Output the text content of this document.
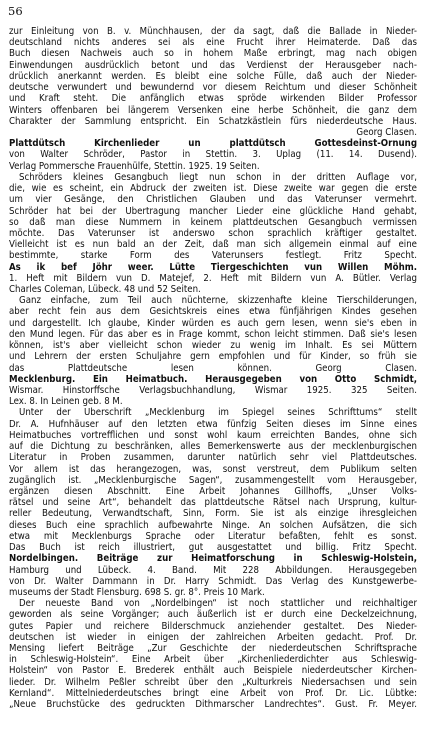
56
zur Einleitung von B. v. Münchhausen, der da sagt, daß die Ballade in Nieder-
deutschland nichts anderes sei als eine Frucht ihrer Heimaterde. Daß das
Buch diesen Nachweis auch so in hohem Maße erbringt, mag nach obigen
Einwendungen ausdrücklich betont und das Verdienst der Herausgeber nach-
drücklich anerkannt werden. Es bleibt eine solche Fülle, daß auch der Nieder-
deutsche verwundert und bewundernd vor diesem Reichtum und dieser Schönheit
und Kraft steht. Die anfänglich etwas spröde wirkenden Bilder Professor
Winters offenbaren bei längerem Versenken eine herbe Schönheit, die ganz dem
Charakter der Sammlung entspricht. Ein Schatzkästlein fürs niederdeutsche Haus.
Georg Clasen.
Plattdütsch Kirchenlieder un plattdütsch Gottesdeinst-Ornung
von Walter Schröder, Pastor in Stettin. 3. Uplag (11. 14. Dusend).
Verlag Pommersche Frauenhülfe, Stettin. 1925. 19 Seiten.
Schröders kleines Gesangbuch liegt nun schon in der dritten Auflage vor,
die, wie es scheint, ein Abdruck der zweiten ist. Diese zweite war gegen die erste
um vier Gesänge, den Christlichen Glauben und das Vaterunser vermehrt.
Schröder hat bei der Übertragung mancher Lieder eine glückliche Hand gehabt,
so daß man diese Nummern in keinem plattdeutschen Gesangbuch vermissen
möchte. Das Vaterunser ist anderswo schon sprachlich kräftiger gestaltet.
Vielleicht ist es nun bald an der Zeit, daß man sich allgemein einmal auf eine
bestimmte, starke Form des Vaterunsers festlegt. Fritz Specht.
As ik bef Jöhr weer. Lütte Tiergeschichten vun Willen Möhm.
1. Heft mit Bildern vun D. Matejef, 2. Heft mit Bildern vun A. Bütler. Verlag
Charles Coleman, Lübeck. 48 und 52 Seiten.
Ganz einfache, zum Teil auch nüchterne, skizzenhafte kleine Tierschilderungen,
aber recht fein aus dem Gesichtskreis eines etwa fünfjährigen Kindes gesehen
und dargestellt. Ich glaube, Kinder würden es auch gern lesen, wenn sie's eben in
den Mund legen. Für das aber es in Frage kommt, schon leicht stimmen. Daß sie's lesen
können, ist's aber vielleicht schon wieder zu wenig im Inhalt. Es sei Müttern
und Lehrern der ersten Schuljahre gern empfohlen und für Kinder, so früh sie
das Plattdeutsche lesen können. Georg Clasen.
Mecklenburg. Ein Heimatbuch. Herausgegeben von Otto Schmidt,
Wismar. Hinstorffsche Verlagsbuchhandlung, Wismar 1925. 325 Seiten.
Lex. 8. In Leinen geb. 8 M.
Unter der Überschrift „Mecklenburg im Spiegel seines Schrifttums“ stellt
Dr. A. Hufnhäuser auf den letzten etwa fünfzig Seiten dieses im Sinne eines
Heimatbuches vortrefflichen und sonst wohl kaum erreichten Bandes, ohne sich
auf die Dichtung zu beschränken, alles Bemerkenswerte aus der mecklenburgischen
Literatur in Proben zusammen, darunter natürlich sehr viel Plattdeutsches.
Vor allem ist das herangezogen, was, sonst verstreut, dem Publikum selten
zugänglich ist. „Mecklenburgische Sagen“, zusammengestellt vom Herausgeber,
ergänzen diesen Abschnitt. Eine Arbeit Johannes Gillhoffs, „Unser Volks-
rätsel und seine Art“, behandelt das plattdeutsche Rätsel nach Ursprung, kultur-
reller Bedeutung, Verwandtschaft, Sinn, Form. Sie ist als einzige ihresgleichen
dieses Buch eine sprachlich aufbewahrte Ninge. An solchen Aufsätzen, die sich
etwa mit Mecklenburgs Sprache oder Literatur befaßten, fehlt es sonst.
Das Buch ist reich illustriert, gut ausgestattet und billig. Fritz Specht.
Nordelbingen. Beiträge zur Heimatforschung in Schleswig-Holstein,
Hamburg und Lübeck. 4. Band. Mit 228 Abbildungen. Herausgegeben
von Dr. Walter Dammann in Dr. Harry Schmidt. Das Verlag des Kunstgewerbe-
museums der Stadt Flensburg. 698 S. gr. 8°. Preis 10 Mark.
Der neueste Band von „Nordelbingen“ ist noch stattlicher und reichhaltiger
geworden als seine Vorgänger; auch äußerlich ist er durch eine Deckelzeichnung,
gutes Papier und reichere Bilderschmuck anziehender gestaltet. Des Nieder-
deutschen ist wieder in einigen der zahlreichen Arbeiten gedacht. Prof. Dr.
Mensing liefert Beiträge „Zur Geschichte der niederdeutschen Schriftsprache
in Schleswig-Holstein“. Eine Arbeit über „Kirchenliederdichter aus Schleswig-
Holstein“ von Pastor E. Brederek enthält auch Beispiele niederdeutscher Kirchen-
lieder. Dr. Wilhelm Peßler schreibt über den „Kulturkreis Niedersachsen und sein
Kernland“. Mittelniederdeutsches bringt eine Arbeit von Prof. Dr. Lic. Lübtke:
„Neue Bruchstücke des gedruckten Dithmarscher Landrechtes“. Gust. Fr. Meyer.
